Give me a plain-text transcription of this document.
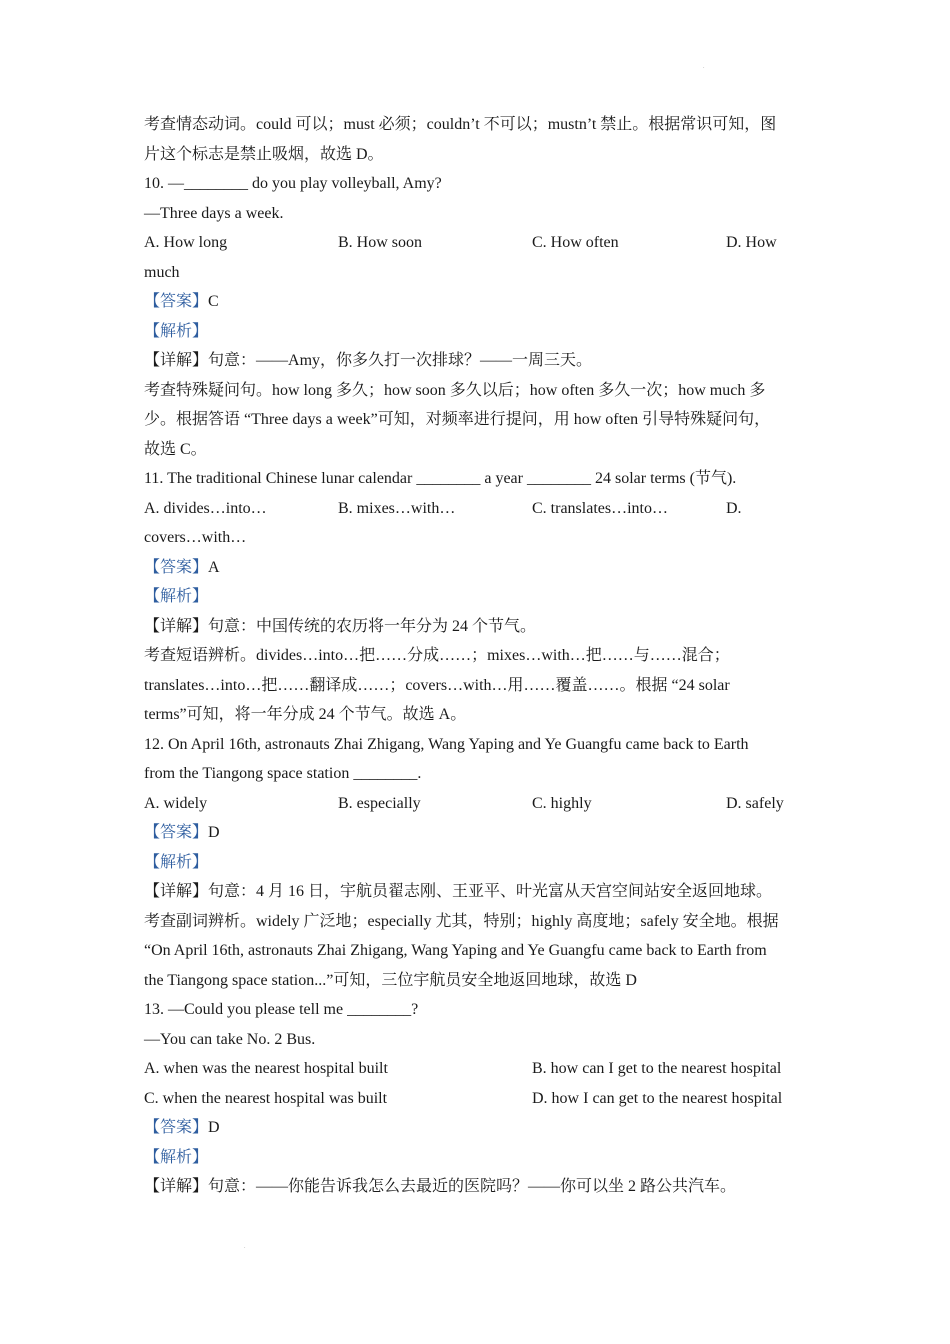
.
考查情态动词。could 可以；must 必须；couldn’t 不可以；mustn’t 禁止。根据常识可知，图
片这个标志是禁止吸烟，故选 D。
10. —________ do you play volleyball, Amy?
—Three days a week.
A. How long	B. How soon	C. How often	D. How
much
【答案】C
【解析】
【详解】句意：——Amy，你多久打一次排球？——一周三天。
考查特殊疑问句。how long 多久；how soon 多久以后；how often 多久一次；how much 多
少。根据答语 “Three days a week”可知，对频率进行提问，用 how often 引导特殊疑问句，
故选 C。
11. The traditional Chinese lunar calendar ________ a year ________ 24 solar terms (节气).
A. divides…into…	B. mixes…with…	C. translates…into…	D.
covers…with…
【答案】A
【解析】
【详解】句意：中国传统的农历将一年分为 24 个节气。
考查短语辨析。divides…into…把……分成……；mixes…with…把……与……混合；
translates…into…把……翻译成……；covers…with…用……覆盖……。根据 “24 solar
terms”可知，将一年分成 24 个节气。故选 A。
12. On April 16th, astronauts Zhai Zhigang, Wang Yaping and Ye Guangfu came back to Earth
from the Tiangong space station ________.
A. widely	B. especially	C. highly	D. safely
【答案】D
【解析】
【详解】句意：4 月 16 日，宇航员翟志刚、王亚平、叶光富从天宫空间站安全返回地球。
考查副词辨析。widely 广泛地；especially 尤其，特别；highly 高度地；safely 安全地。根据
“On April 16th, astronauts Zhai Zhigang, Wang Yaping and Ye Guangfu came back to Earth from
the Tiangong space station...”可知，三位宇航员安全地返回地球，故选 D
13. —Could you please tell me ________?
—You can take No. 2 Bus.
A. when was the nearest hospital built	B. how can I get to the nearest hospital
C. when the nearest hospital was built	D. how I can get to the nearest hospital
【答案】D
【解析】
【详解】句意：——你能告诉我怎么去最近的医院吗？——你可以坐 2 路公共汽车。
.
